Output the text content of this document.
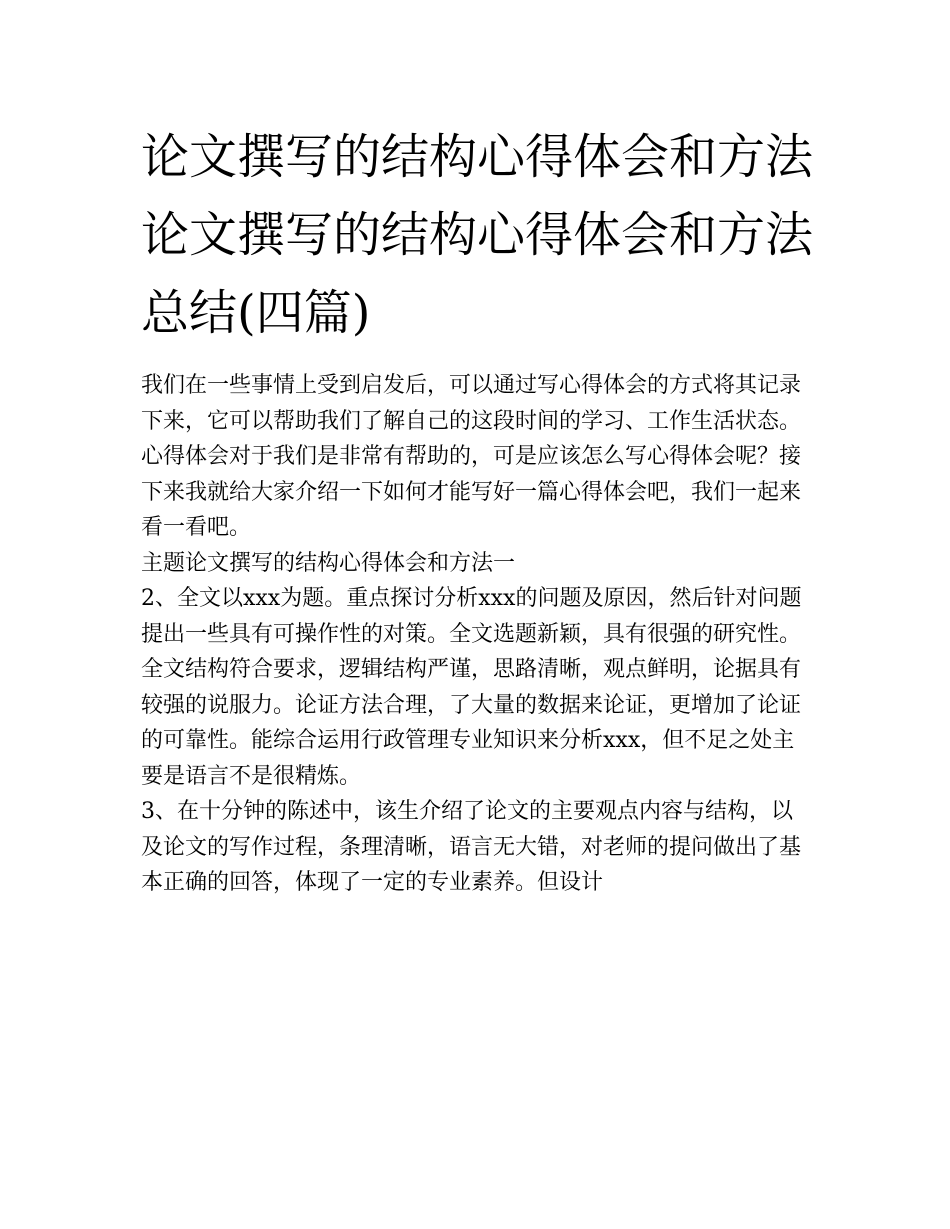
论文撰写的结构心得体会和方法 论文撰写的结构心得体会和方法总结(四篇)

我们在一些事情上受到启发后，可以通过写心得体会的方式将其记录下来，它可以帮助我们了解自己的这段时间的学习、工作生活状态。心得体会对于我们是非常有帮助的，可是应该怎么写心得体会呢？接下来我就给大家介绍一下如何才能写好一篇心得体会吧，我们一起来看一看吧。

主题论文撰写的结构心得体会和方法一

2、全文以xxx为题。重点探讨分析xxx的问题及原因，然后针对问题提出一些具有可操作性的对策。全文选题新颖，具有很强的研究性。全文结构符合要求，逻辑结构严谨，思路清晰，观点鲜明，论据具有较强的说服力。论证方法合理，了大量的数据来论证，更增加了论证的可靠性。能综合运用行政管理专业知识来分析xxx，但不足之处主要是语言不是很精炼。

3、在十分钟的陈述中，该生介绍了论文的主要观点内容与结构，以及论文的写作过程，条理清晰，语言无大错，对老师的提问做出了基本正确的回答，体现了一定的专业素养。但设计
